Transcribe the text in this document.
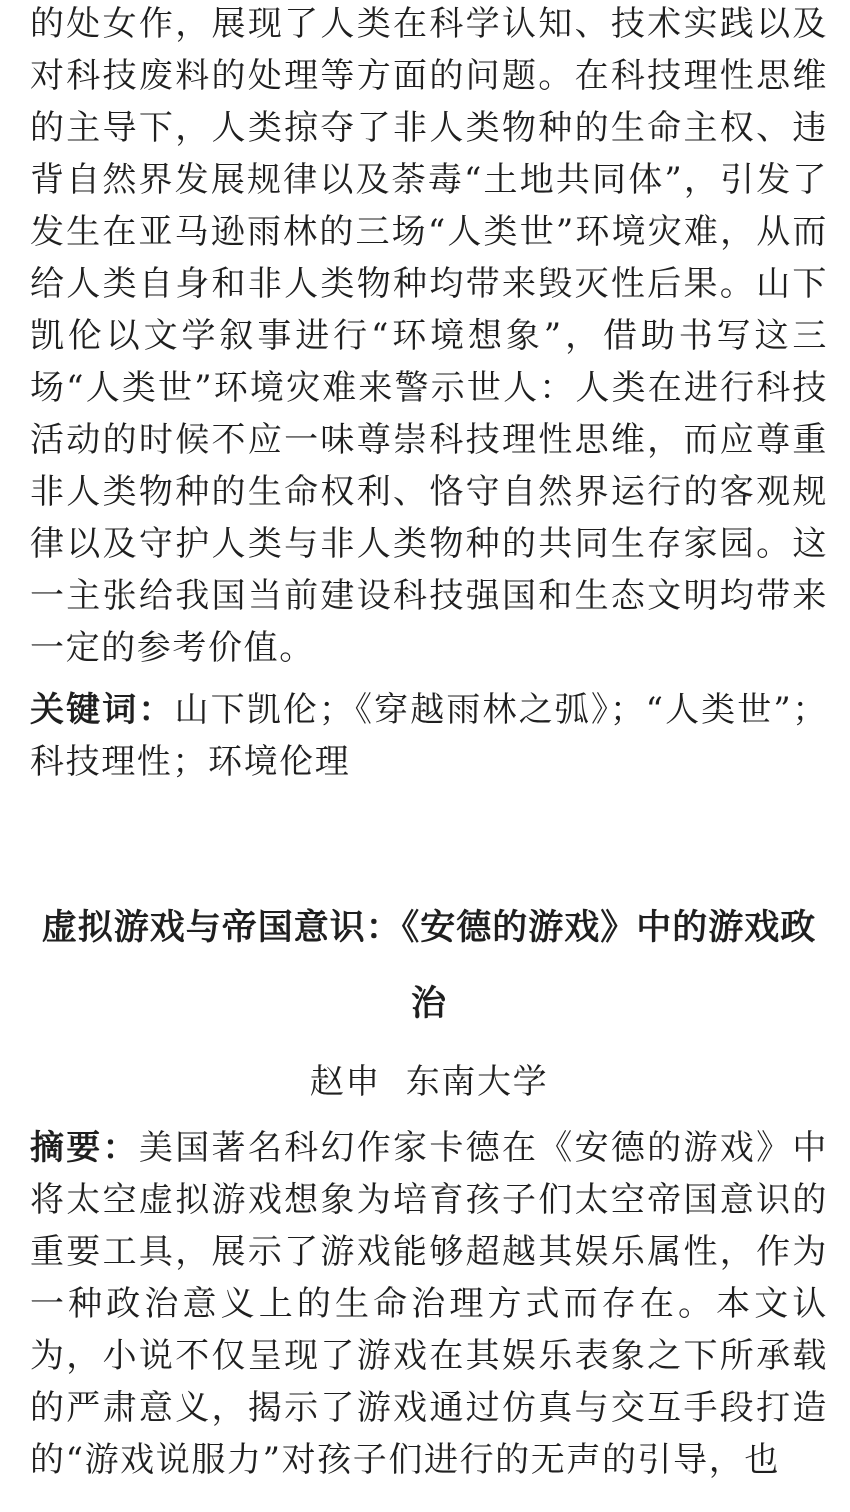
的处女作，展现了人类在科学认知、技术实践以及对科技废料的处理等方面的问题。在科技理性思维的主导下，人类掠夺了非人类物种的生命主权、违背自然界发展规律以及荼毒“土地共同体”，引发了发生在亚马逊雨林的三场“人类世”环境灾难，从而给人类自身和非人类物种均带来毁灭性后果。山下凯伦以文学叙事进行“环境想象”，借助书写这三场“人类世”环境灾难来警示世人：人类在进行科技活动的时候不应一味尊崇科技理性思维，而应尊重非人类物种的生命权利、恪守自然界运行的客观规律以及守护人类与非人类物种的共同生存家园。这一主张给我国当前建设科技强国和生态文明均带来一定的参考价值。

关键词：山下凯伦；《穿越雨林之弧》；“人类世”；科技理性；环境伦理

虚拟游戏与帝国意识：《安德的游戏》中的游戏政治

赵申  东南大学

摘要：美国著名科幻作家卡德在《安德的游戏》中将太空虚拟游戏想象为培育孩子们太空帝国意识的重要工具，展示了游戏能够超越其娱乐属性，作为一种政治意义上的生命治理方式而存在。本文认为，小说不仅呈现了游戏在其娱乐表象之下所承载的严肃意义，揭示了游戏通过仿真与交互手段打造的“游戏说服力”对孩子们进行的无声的引导，也
